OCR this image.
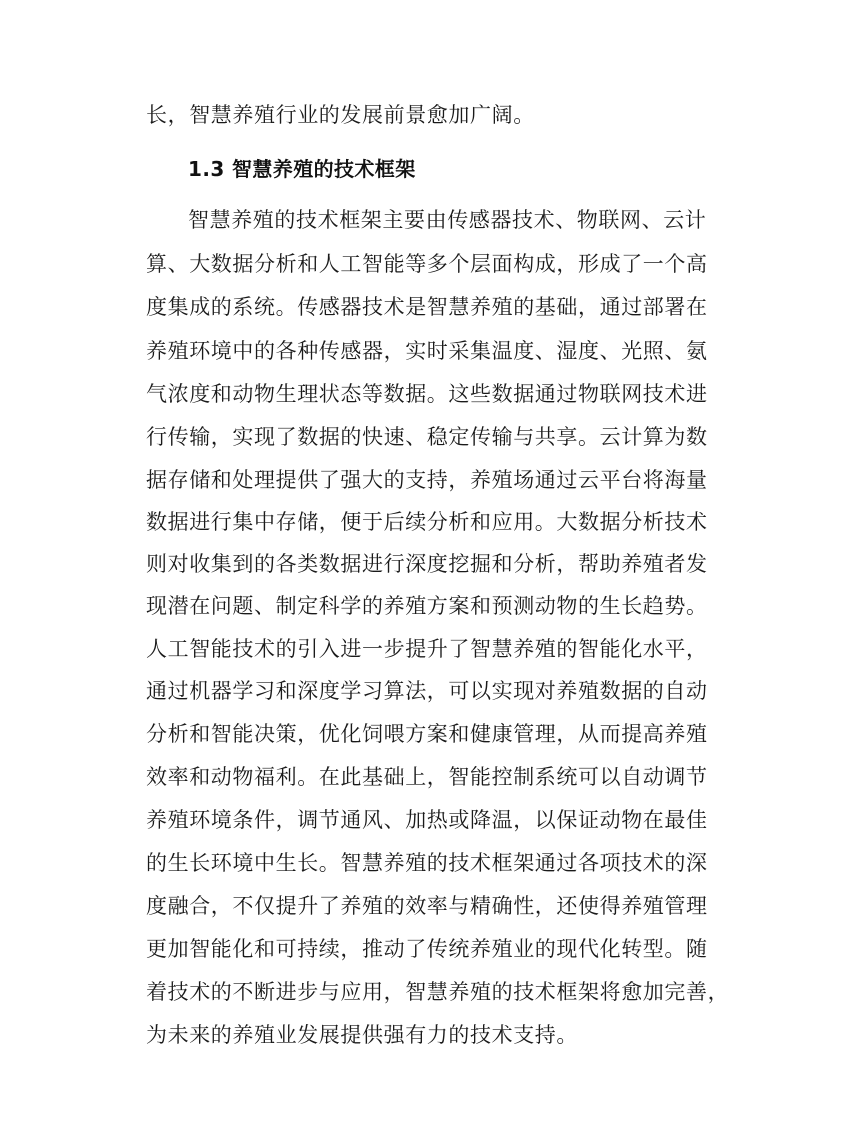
长，智慧养殖行业的发展前景愈加广阔。
1.3 智慧养殖的技术框架
智慧养殖的技术框架主要由传感器技术、物联网、云计
算、大数据分析和人工智能等多个层面构成，形成了一个高
度集成的系统。传感器技术是智慧养殖的基础，通过部署在
养殖环境中的各种传感器，实时采集温度、湿度、光照、氨
气浓度和动物生理状态等数据。这些数据通过物联网技术进
行传输，实现了数据的快速、稳定传输与共享。云计算为数
据存储和处理提供了强大的支持，养殖场通过云平台将海量
数据进行集中存储，便于后续分析和应用。大数据分析技术
则对收集到的各类数据进行深度挖掘和分析，帮助养殖者发
现潜在问题、制定科学的养殖方案和预测动物的生长趋势。
人工智能技术的引入进一步提升了智慧养殖的智能化水平，
通过机器学习和深度学习算法，可以实现对养殖数据的自动
分析和智能决策，优化饲喂方案和健康管理，从而提高养殖
效率和动物福利。在此基础上，智能控制系统可以自动调节
养殖环境条件，调节通风、加热或降温，以保证动物在最佳
的生长环境中生长。智慧养殖的技术框架通过各项技术的深
度融合，不仅提升了养殖的效率与精确性，还使得养殖管理
更加智能化和可持续，推动了传统养殖业的现代化转型。随
着技术的不断进步与应用，智慧养殖的技术框架将愈加完善，
为未来的养殖业发展提供强有力的技术支持。
